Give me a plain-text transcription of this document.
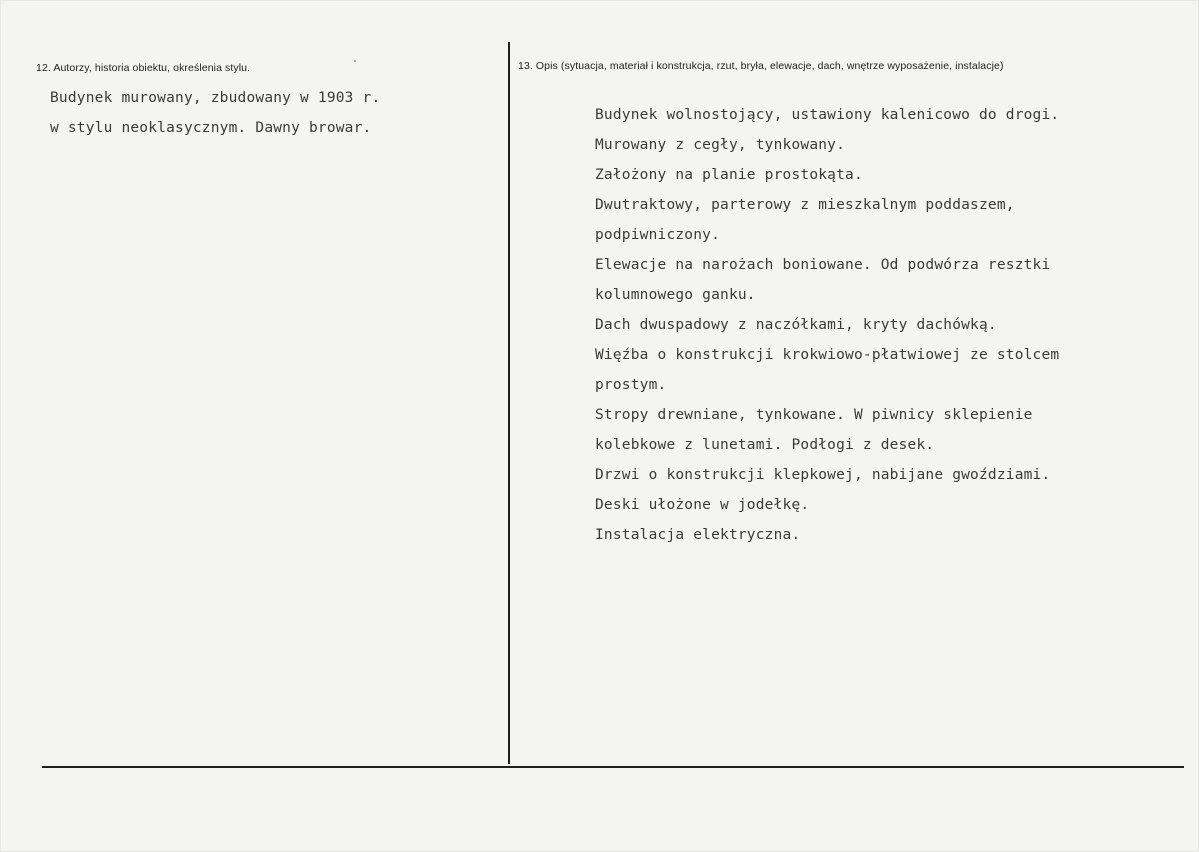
12. Autorzy, historia obiektu, określenia stylu.	13. Opis (sytuacja, materiał i konstrukcja, rzut, bryła, elewacje, dach, wnętrze wyposażenie, instalacje)
Budynek murowany, zbudowany w 1903 r.
w stylu neoklasycznym. Dawny browar.
Budynek wolnostojący, ustawiony kalenicowo do drogi.
Murowany z cegły, tynkowany.
Założony na planie prostokąta.
Dwutraktowy, parterowy z mieszkalnym poddaszem,
podpiwniczony.
Elewacje na narożach boniowane. Od podwórza resztki
kolumnowego ganku.
Dach dwuspadowy z naczółkami, kryty dachówką.
Więźba o konstrukcji krokwiowo-płatwiowej ze stolcem
prostym.
Stropy drewniane, tynkowane. W piwnicy sklepienie
kolebkowe z lunetami. Podłogi z desek.
Drzwi o konstrukcji klepkowej, nabijane gwoździami.
Deski ułożone w jodełkę.
Instalacja elektryczna.
